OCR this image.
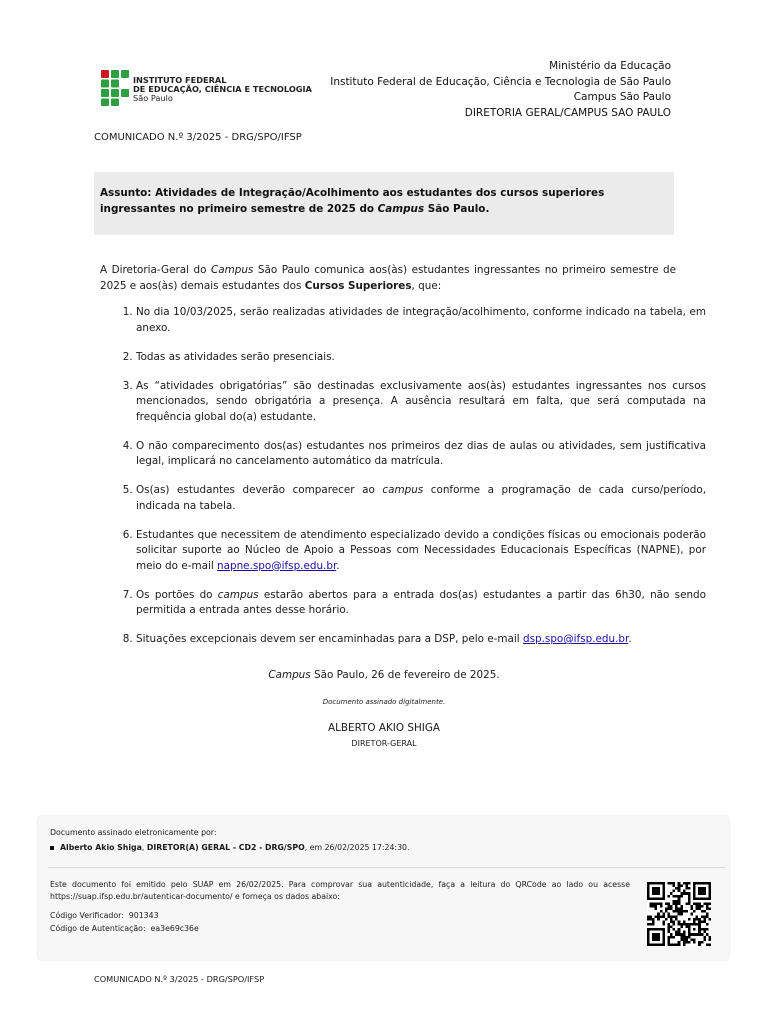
INSTITUTO FEDERAL
DE EDUCAÇÃO, CIÊNCIA E TECNOLOGIA
São Paulo
Ministério da Educação
Instituto Federal de Educação, Ciência e Tecnologia de São Paulo
Campus São Paulo
DIRETORIA GERAL/CAMPUS SAO PAULO
COMUNICADO N.º 3/2025 - DRG/SPO/IFSP
Assunto: Atividades de Integração/Acolhimento aos estudantes dos cursos superiores ingressantes no primeiro semestre de 2025 do Campus São Paulo.
A Diretoria-Geral do Campus São Paulo comunica aos(às) estudantes ingressantes no primeiro semestre de 2025 e aos(às) demais estudantes dos Cursos Superiores, que:
1. No dia 10/03/2025, serão realizadas atividades de integração/acolhimento, conforme indicado na tabela, em anexo.
2. Todas as atividades serão presenciais.
3. As “atividades obrigatórias” são destinadas exclusivamente aos(às) estudantes ingressantes nos cursos mencionados, sendo obrigatória a presença. A ausência resultará em falta, que será computada na frequência global do(a) estudante.
4. O não comparecimento dos(as) estudantes nos primeiros dez dias de aulas ou atividades, sem justificativa legal, implicará no cancelamento automático da matrícula.
5. Os(as) estudantes deverão comparecer ao campus conforme a programação de cada curso/período, indicada na tabela.
6. Estudantes que necessitem de atendimento especializado devido a condições físicas ou emocionais poderão solicitar suporte ao Núcleo de Apoio a Pessoas com Necessidades Educacionais Específicas (NAPNE), por meio do e-mail napne.spo@ifsp.edu.br.
7. Os portões do campus estarão abertos para a entrada dos(as) estudantes a partir das 6h30, não sendo permitida a entrada antes desse horário.
8. Situações excepcionais devem ser encaminhadas para a DSP, pelo e-mail dsp.spo@ifsp.edu.br.
Campus São Paulo, 26 de fevereiro de 2025.
Documento assinado digitalmente.
ALBERTO AKIO SHIGA
DIRETOR-GERAL
Documento assinado eletronicamente por:
Alberto Akio Shiga, DIRETOR(A) GERAL - CD2 - DRG/SPO, em 26/02/2025 17:24:30.
Este documento foi emitido pelo SUAP em 26/02/2025. Para comprovar sua autenticidade, faça a leitura do QRCode ao lado ou acesse https://suap.ifsp.edu.br/autenticar-documento/ e forneça os dados abaixo:
Código Verificador: 901343
Código de Autenticação: ea3e69c36e
COMUNICADO N.º 3/2025 - DRG/SPO/IFSP
